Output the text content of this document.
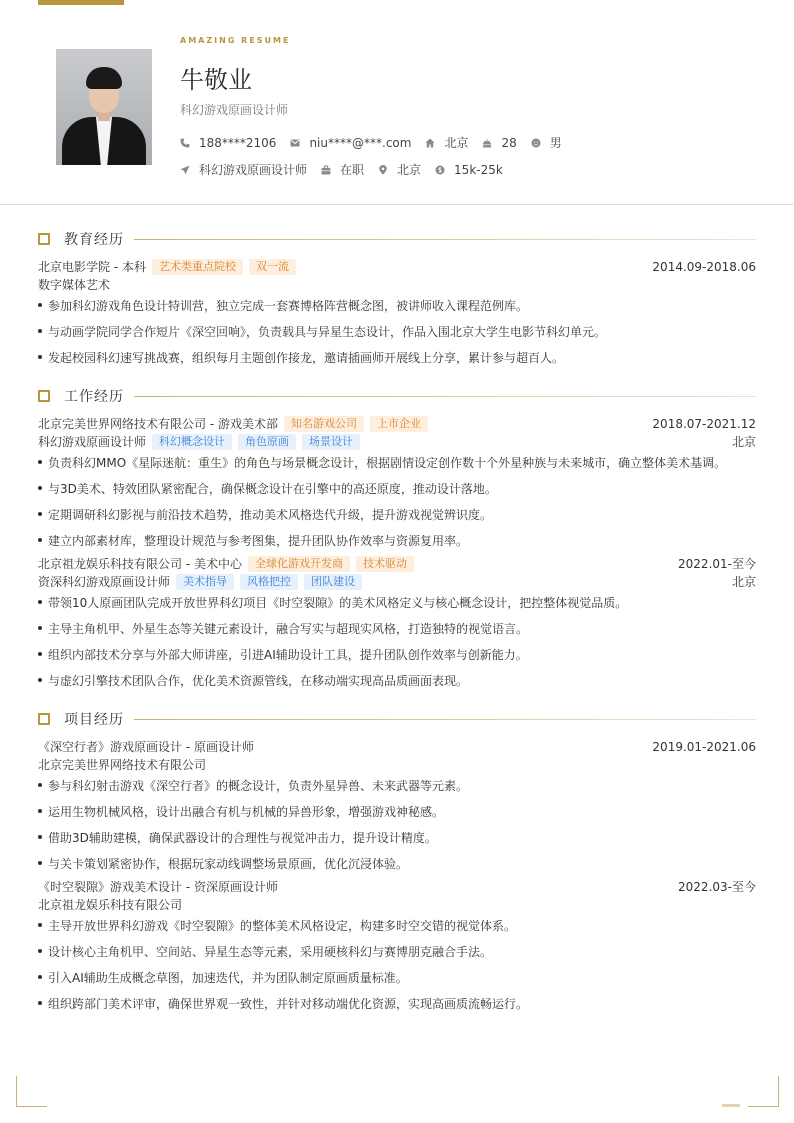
AMAZING RESUME
牛敬业
科幻游戏原画设计师
188****2106	niu****@***.com	北京	28	男
科幻游戏原画设计师	在职	北京	15k-25k
教育经历
北京电影学院 - 本科	艺术类重点院校	双一流	2014.09-2018.06
数字媒体艺术
参加科幻游戏角色设计特训营，独立完成一套赛博格阵营概念图，被讲师收入课程范例库。
与动画学院同学合作短片《深空回响》，负责载具与异星生态设计，作品入围北京大学生电影节科幻单元。
发起校园科幻速写挑战赛，组织每月主题创作接龙，邀请插画师开展线上分享，累计参与超百人。
工作经历
北京完美世界网络技术有限公司 - 游戏美术部	知名游戏公司	上市企业	2018.07-2021.12
科幻游戏原画设计师	科幻概念设计	角色原画	场景设计	北京
负责科幻MMO《星际迷航：重生》的角色与场景概念设计，根据剧情设定创作数十个外星种族与未来城市，确立整体美术基调。
与3D美术、特效团队紧密配合，确保概念设计在引擎中的高还原度，推动设计落地。
定期调研科幻影视与前沿技术趋势，推动美术风格迭代升级，提升游戏视觉辨识度。
建立内部素材库，整理设计规范与参考图集，提升团队协作效率与资源复用率。
北京祖龙娱乐科技有限公司 - 美术中心	全球化游戏开发商	技术驱动	2022.01-至今
资深科幻游戏原画设计师	美术指导	风格把控	团队建设	北京
带领10人原画团队完成开放世界科幻项目《时空裂隙》的美术风格定义与核心概念设计，把控整体视觉品质。
主导主角机甲、外星生态等关键元素设计，融合写实与超现实风格，打造独特的视觉语言。
组织内部技术分享与外部大师讲座，引进AI辅助设计工具，提升团队创作效率与创新能力。
与虚幻引擎技术团队合作，优化美术资源管线，在移动端实现高品质画面表现。
项目经历
《深空行者》游戏原画设计 - 原画设计师	2019.01-2021.06
北京完美世界网络技术有限公司
参与科幻射击游戏《深空行者》的概念设计，负责外星异兽、未来武器等元素。
运用生物机械风格，设计出融合有机与机械的异兽形象，增强游戏神秘感。
借助3D辅助建模，确保武器设计的合理性与视觉冲击力，提升设计精度。
与关卡策划紧密协作，根据玩家动线调整场景原画，优化沉浸体验。
《时空裂隙》游戏美术设计 - 资深原画设计师	2022.03-至今
北京祖龙娱乐科技有限公司
主导开放世界科幻游戏《时空裂隙》的整体美术风格设定，构建多时空交错的视觉体系。
设计核心主角机甲、空间站、异星生态等元素，采用硬核科幻与赛博朋克融合手法。
引入AI辅助生成概念草图，加速迭代，并为团队制定原画质量标准。
组织跨部门美术评审，确保世界观一致性，并针对移动端优化资源，实现高画质流畅运行。
